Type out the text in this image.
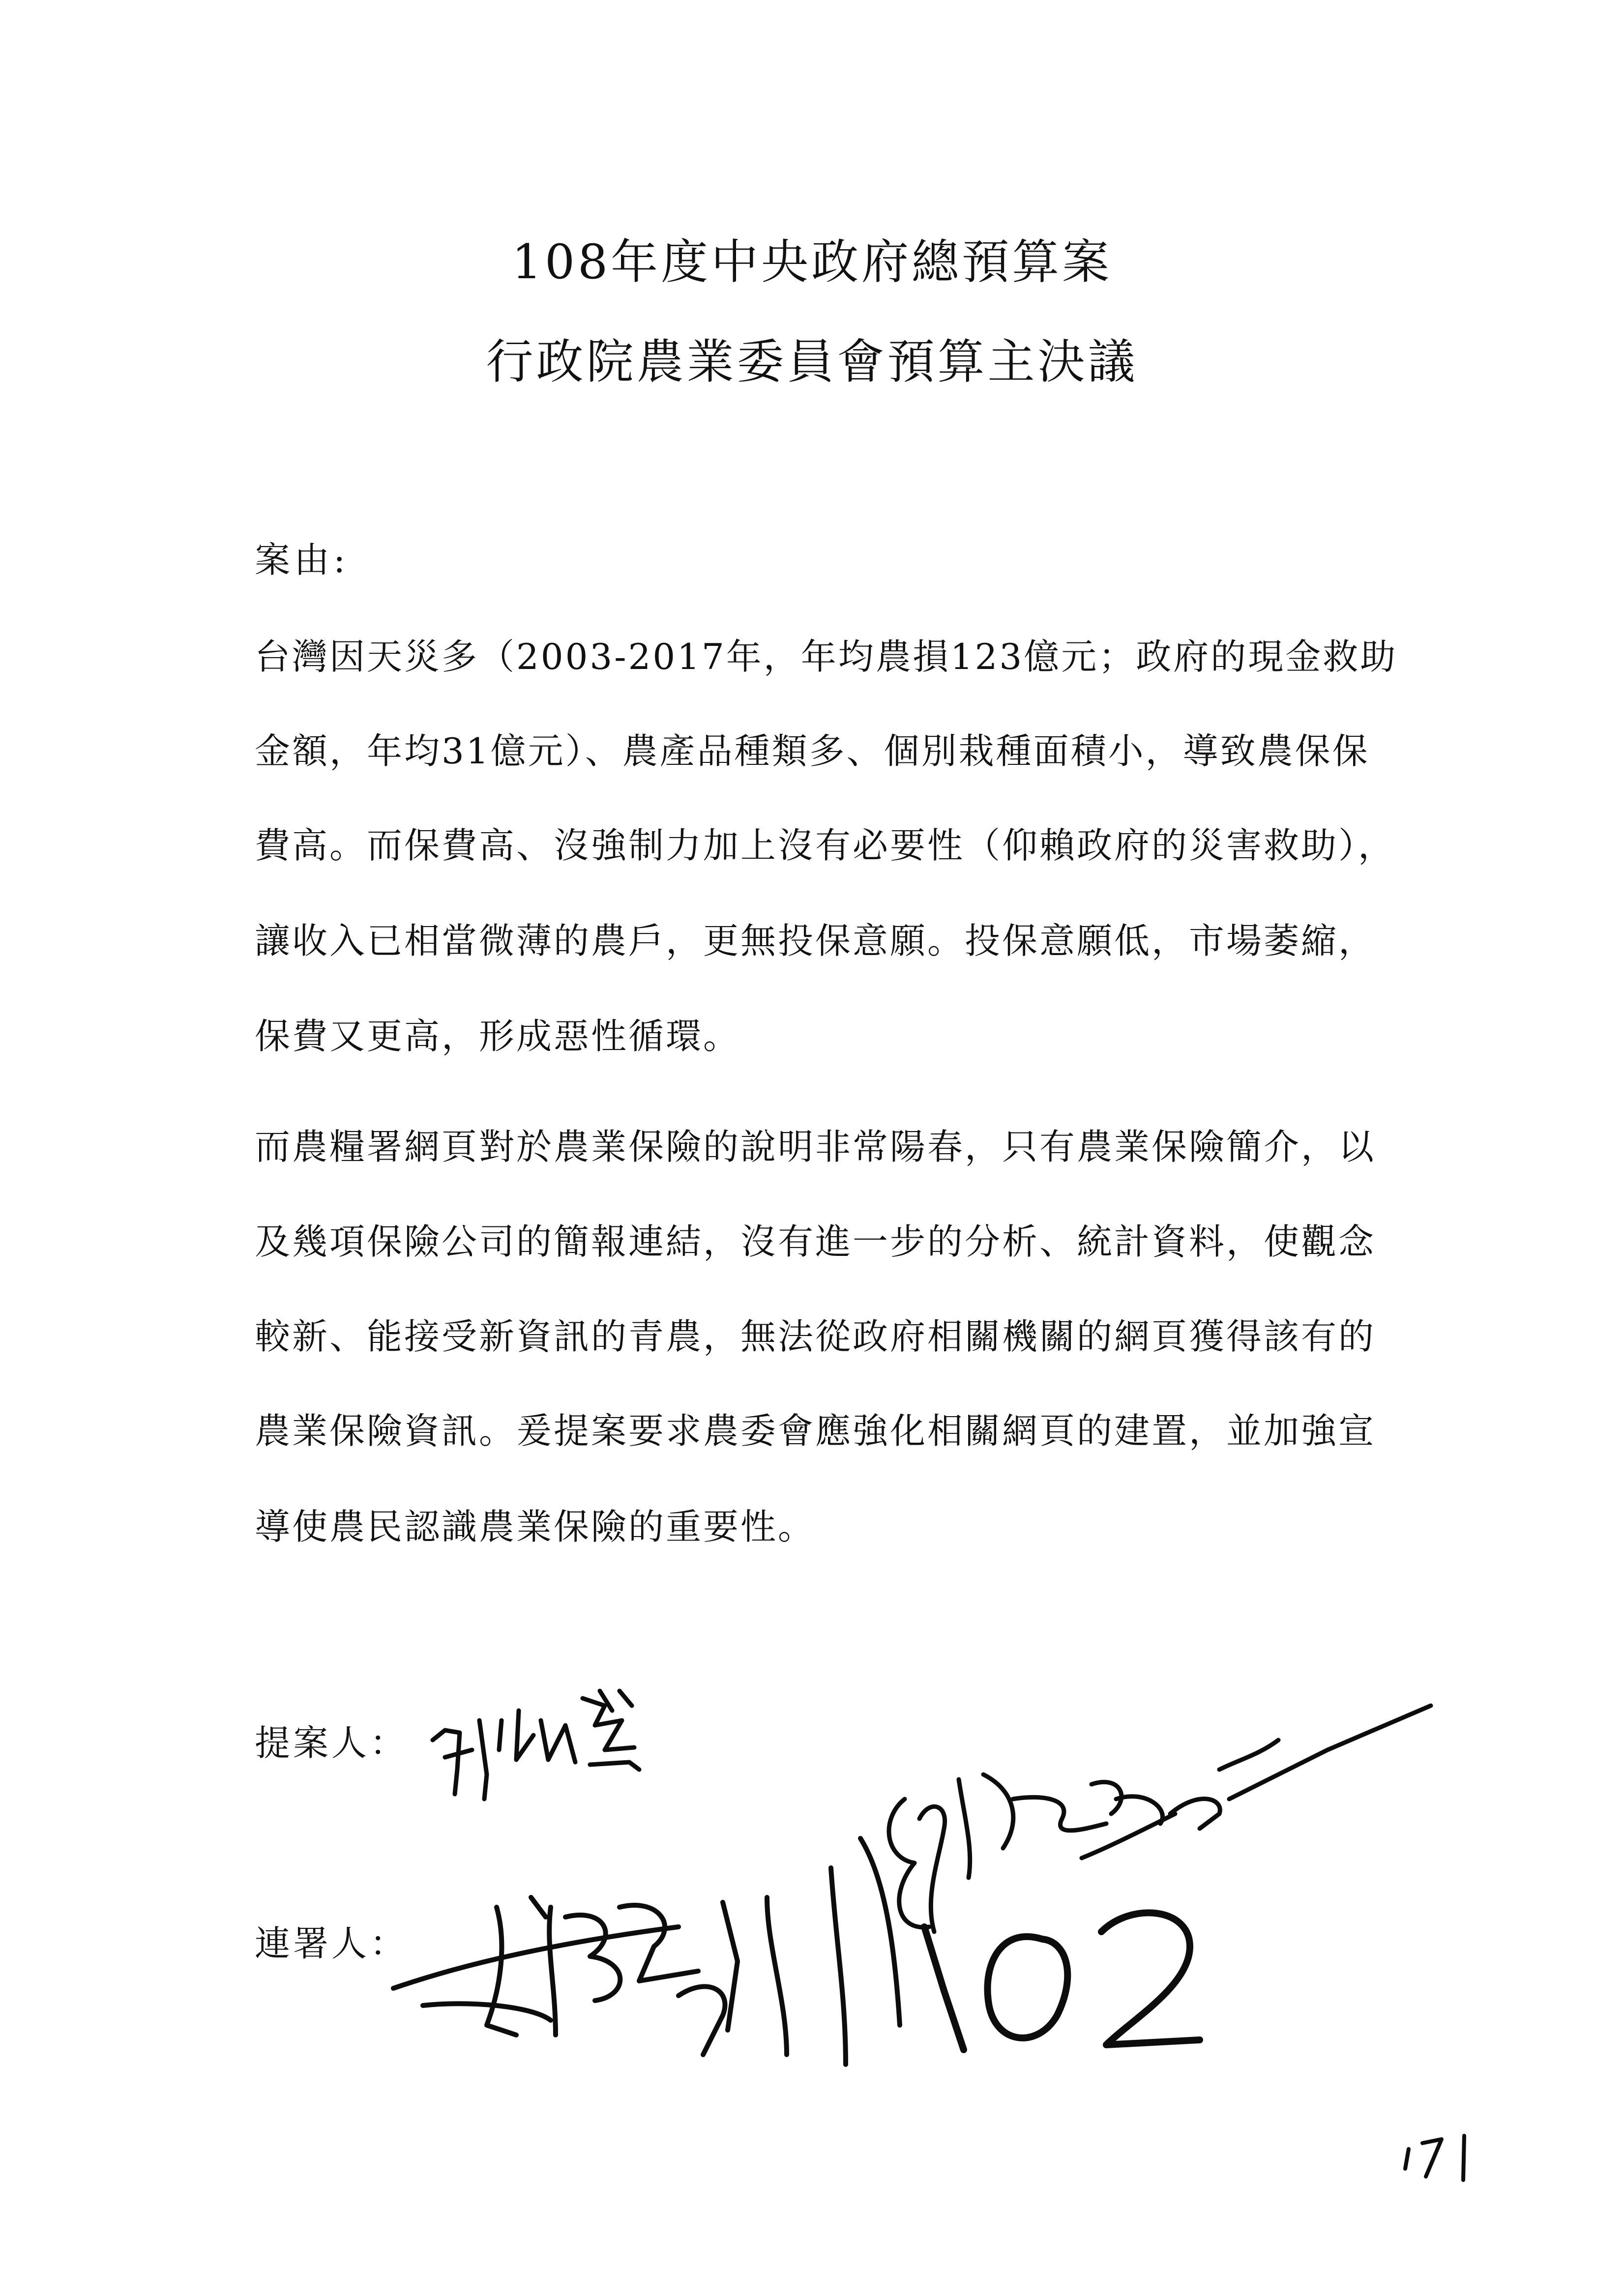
108年度中央政府總預算案
行政院農業委員會預算主決議
案由:
台灣因天災多（2003-2017年，年均農損123億元；政府的現金救助
金額，年均31億元）、農產品種類多、個別栽種面積小，導致農保保
費高。而保費高、沒強制力加上沒有必要性（仰賴政府的災害救助），
讓收入已相當微薄的農戶，更無投保意願。投保意願低，市場萎縮，
保費又更高，形成惡性循環。
而農糧署網頁對於農業保險的說明非常陽春，只有農業保險簡介，以
及幾項保險公司的簡報連結，沒有進一步的分析、統計資料，使觀念
較新、能接受新資訊的青農，無法從政府相關機關的網頁獲得該有的
農業保險資訊。爰提案要求農委會應強化相關網頁的建置，並加強宣
導使農民認識農業保險的重要性。
提案人：
連署人：
